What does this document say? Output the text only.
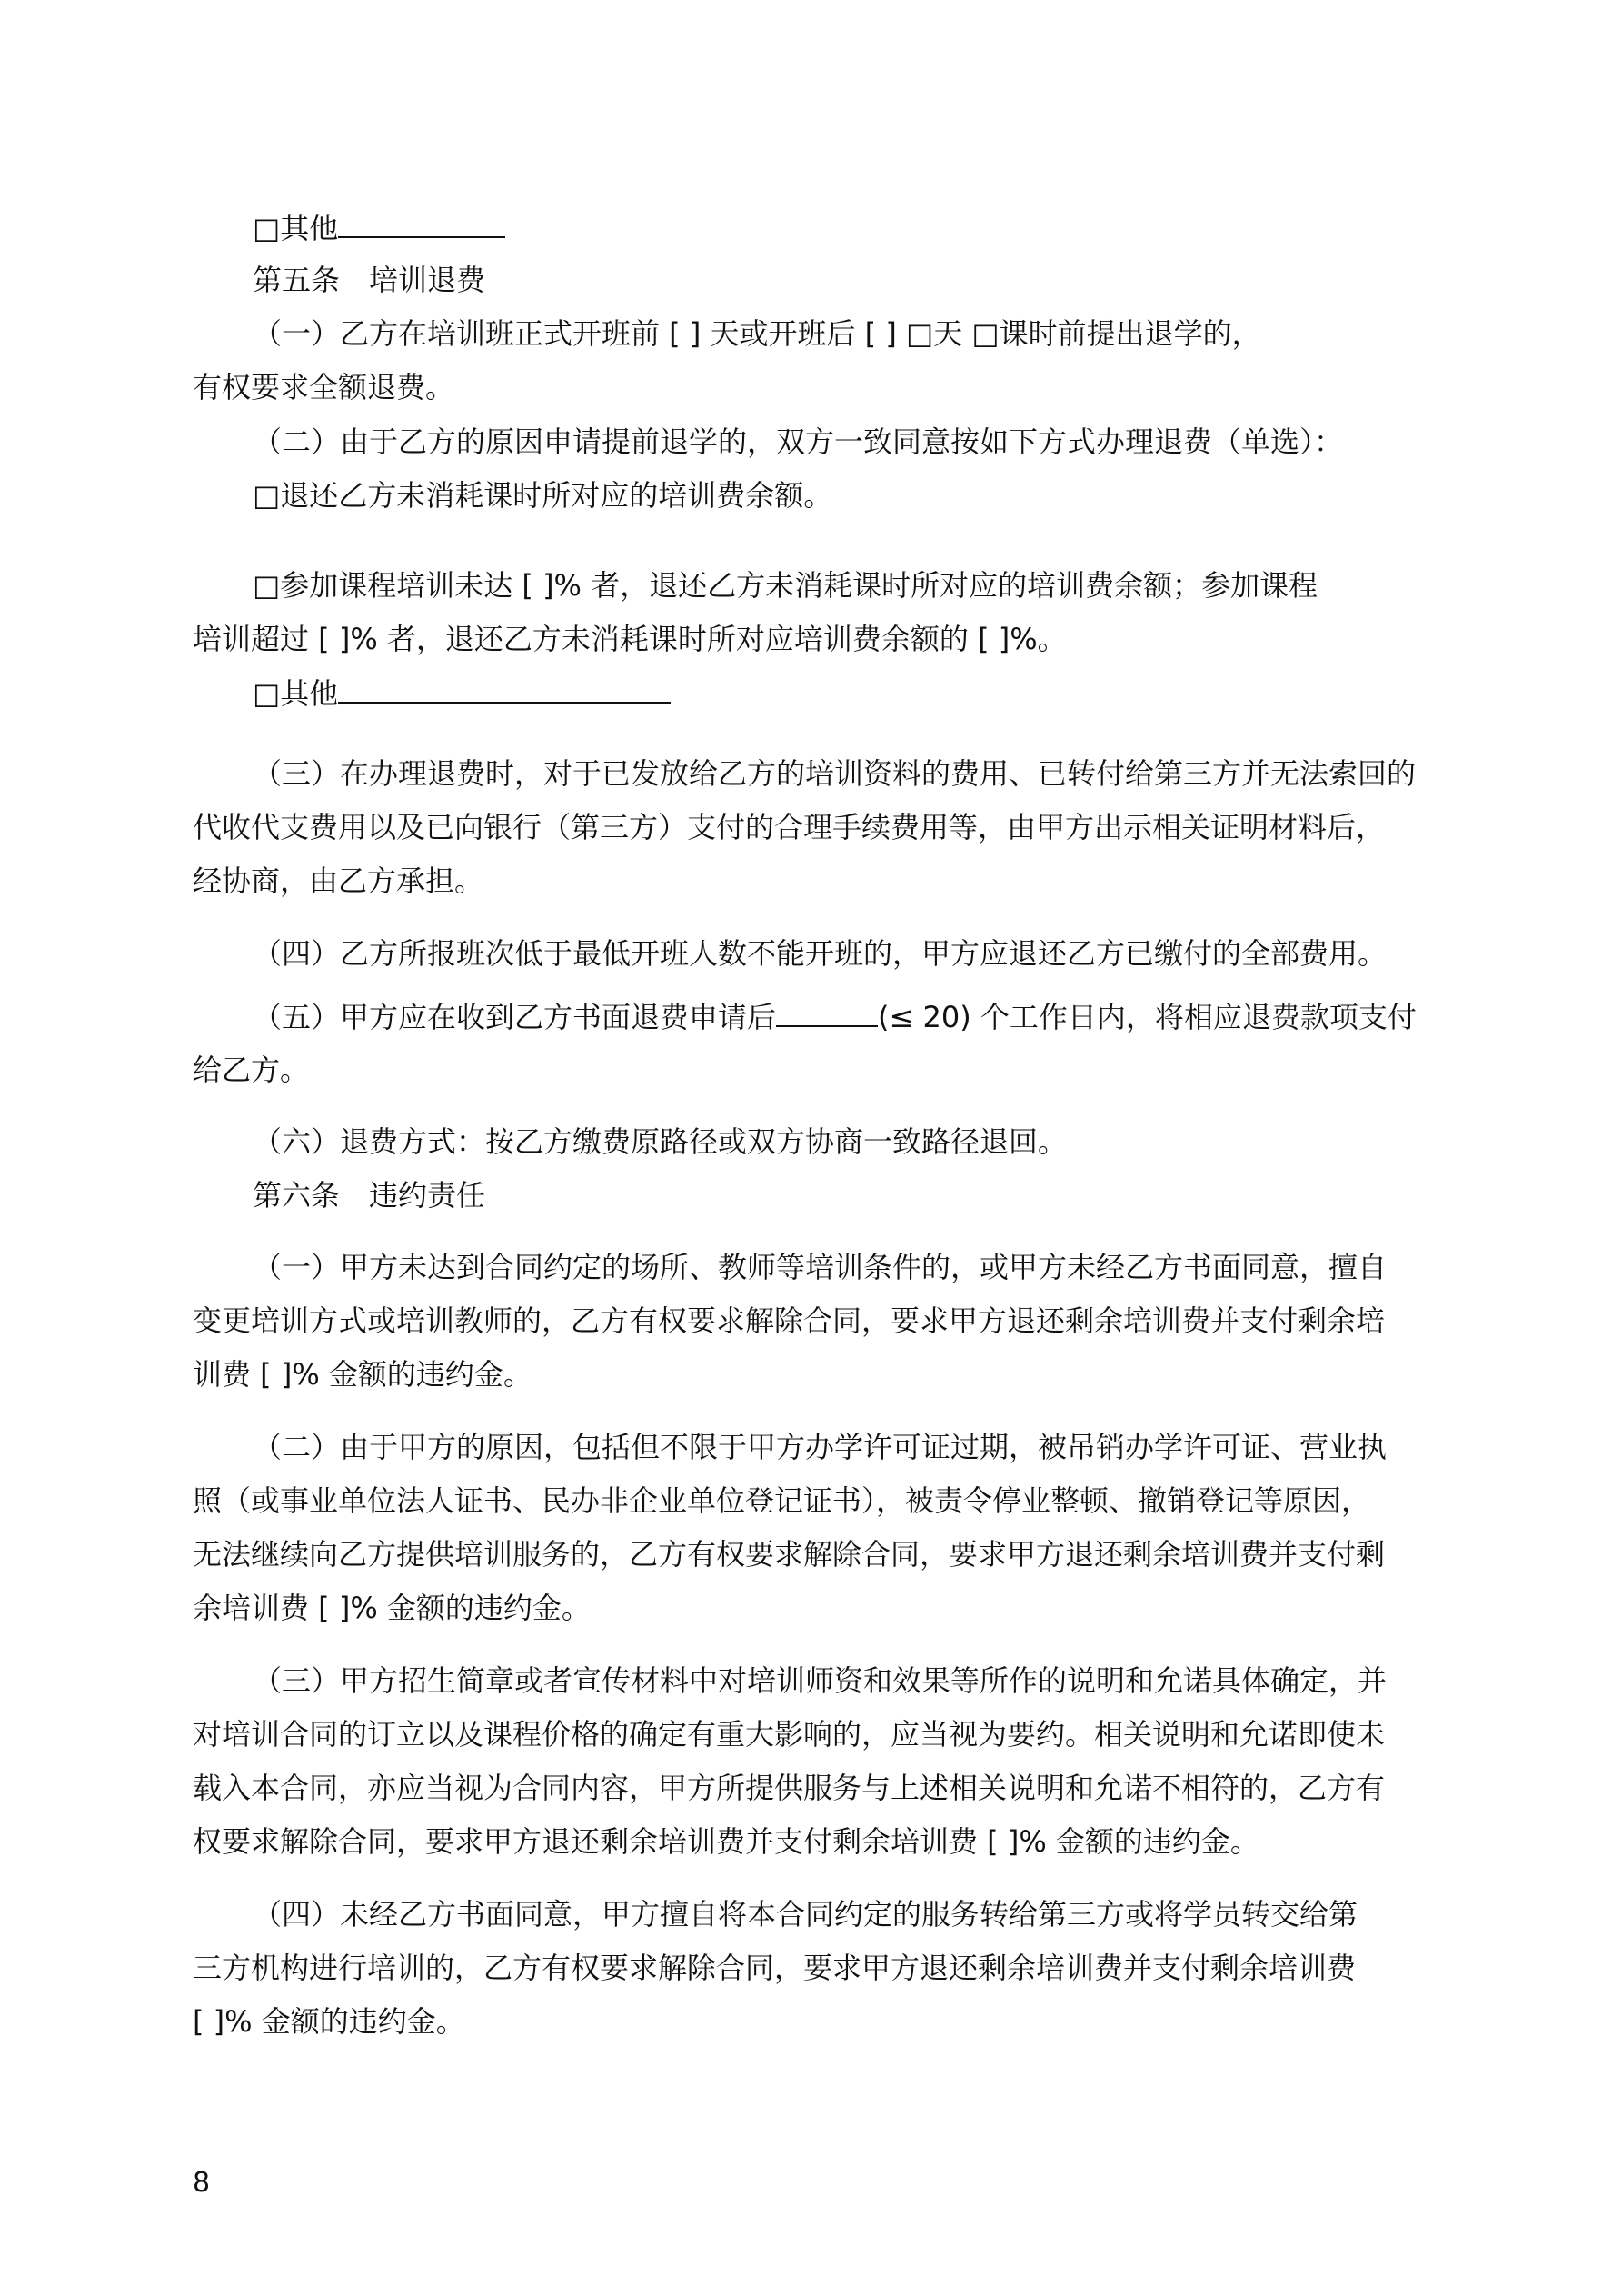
□其他
第五条　培训退费
（一）乙方在培训班正式开班前 [ ] 天或开班后 [ ] □天 □课时前提出退学的，
有权要求全额退费。
（二）由于乙方的原因申请提前退学的，双方一致同意按如下方式办理退费（单选）：
□退还乙方未消耗课时所对应的培训费余额。
□参加课程培训未达 [ ]% 者，退还乙方未消耗课时所对应的培训费余额；参加课程
培训超过 [ ]% 者，退还乙方未消耗课时所对应培训费余额的 [ ]%。
□其他
（三）在办理退费时，对于已发放给乙方的培训资料的费用、已转付给第三方并无法索回的
代收代支费用以及已向银行（第三方）支付的合理手续费用等，由甲方出示相关证明材料后，
经协商，由乙方承担。
（四）乙方所报班次低于最低开班人数不能开班的，甲方应退还乙方已缴付的全部费用。
（五）甲方应在收到乙方书面退费申请后	(≤ 20) 个工作日内，将相应退费款项支付
给乙方。
（六）退费方式：按乙方缴费原路径或双方协商一致路径退回。
第六条　违约责任
（一）甲方未达到合同约定的场所、教师等培训条件的，或甲方未经乙方书面同意，擅自
变更培训方式或培训教师的，乙方有权要求解除合同，要求甲方退还剩余培训费并支付剩余培
训费 [ ]% 金额的违约金。
（二）由于甲方的原因，包括但不限于甲方办学许可证过期，被吊销办学许可证、营业执
照（或事业单位法人证书、民办非企业单位登记证书），被责令停业整顿、撤销登记等原因，
无法继续向乙方提供培训服务的，乙方有权要求解除合同，要求甲方退还剩余培训费并支付剩
余培训费 [ ]% 金额的违约金。
（三）甲方招生简章或者宣传材料中对培训师资和效果等所作的说明和允诺具体确定，并
对培训合同的订立以及课程价格的确定有重大影响的，应当视为要约。相关说明和允诺即使未
载入本合同，亦应当视为合同内容，甲方所提供服务与上述相关说明和允诺不相符的，乙方有
权要求解除合同，要求甲方退还剩余培训费并支付剩余培训费 [ ]% 金额的违约金。
（四）未经乙方书面同意，甲方擅自将本合同约定的服务转给第三方或将学员转交给第
三方机构进行培训的，乙方有权要求解除合同，要求甲方退还剩余培训费并支付剩余培训费
[ ]% 金额的违约金。
8
